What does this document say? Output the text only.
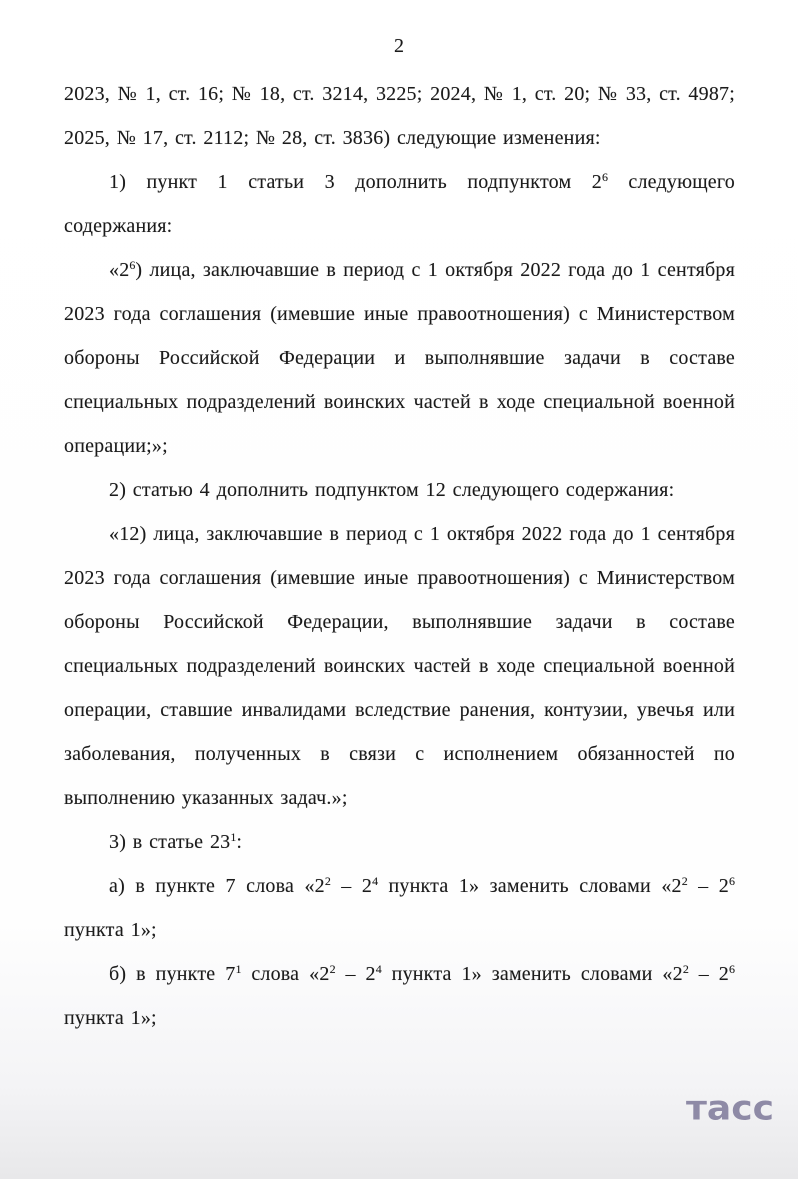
2

2023, № 1, ст. 16; № 18, ст. 3214, 3225; 2024, № 1, ст. 20; № 33, ст. 4987; 2025, № 17, ст. 2112; № 28, ст. 3836) следующие изменения:

1) пункт 1 статьи 3 дополнить подпунктом $2^6$ следующего содержания:

«$2^6$) лица, заключавшие в период с 1 октября 2022 года до 1 сентября 2023 года соглашения (имевшие иные правоотношения) с Министерством обороны Российской Федерации и выполнявшие задачи в составе специальных подразделений воинских частей в ходе специальной военной операции;»;

2) статью 4 дополнить подпунктом 12 следующего содержания:

«12) лица, заключавшие в период с 1 октября 2022 года до 1 сентября 2023 года соглашения (имевшие иные правоотношения) с Министерством обороны Российской Федерации, выполнявшие задачи в составе специальных подразделений воинских частей в ходе специальной военной операции, ставшие инвалидами вследствие ранения, контузии, увечья или заболевания, полученных в связи с исполнением обязанностей по выполнению указанных задач.»;

3) в статье $23^1$:

а) в пункте 7 слова «$2^2 - 2^4$ пункта 1» заменить словами «$2^2 - 2^6$ пункта 1»;

б) в пункте $7^1$ слова «$2^2 - 2^4$ пункта 1» заменить словами «$2^2 - 2^6$ пункта 1»;

тасс
